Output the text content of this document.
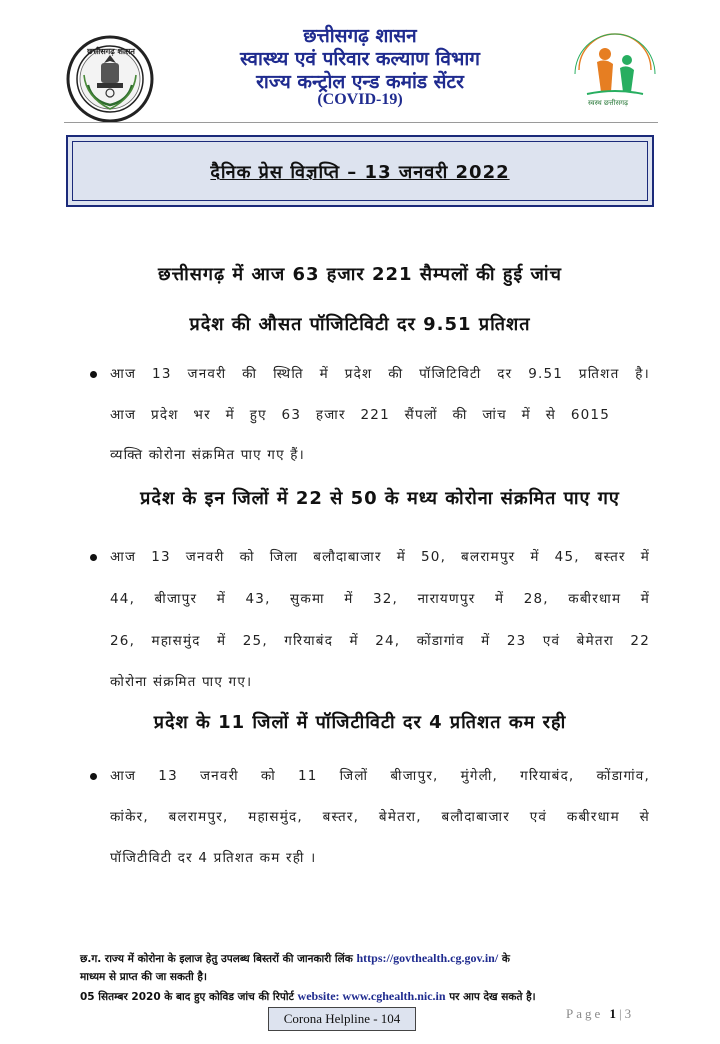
छत्तीसगढ़ शासन
छत्तीसगढ़ शासन
स्वास्थ्य एवं परिवार कल्याण विभाग
राज्य कन्ट्रोल एन्ड कमांड सेंटर
(COVID-19)	स्वस्थ छत्तीसगढ़
दैनिक प्रेस विज्ञप्ति – 13 जनवरी 2022
छत्तीसगढ़ में आज 63 हजार 221 सैम्पलों की हुई जांच
प्रदेश की औसत पॉजिटिविटी दर 9.51 प्रतिशत
आज 13 जनवरी की स्थिति में प्रदेश की पॉजिटिविटी दर 9.51 प्रतिशत है।
आज प्रदेश भर में हुए 63 हजार 221 सैंपलों की जांच में से 6015
व्यक्ति कोरोना संक्रमित पाए गए हैं।
प्रदेश के इन जिलों में 22 से 50 के मध्य कोरोना संक्रमित पाए गए
आज 13 जनवरी को जिला बलौदाबाजार में 50, बलरामपुर में 45, बस्तर में
44, बीजापुर में 43, सुकमा में 32, नारायणपुर में 28, कबीरधाम में
26, महासमुंद में 25, गरियाबंद में 24, कोंडागांव में 23 एवं बेमेतरा 22
कोरोना संक्रमित पाए गए।
प्रदेश के 11 जिलों में पॉजिटीविटी दर 4 प्रतिशत कम रही
आज 13 जनवरी को 11 जिलों बीजापुर, मुंगेली, गरियाबंद, कोंडागांव,
कांकेर, बलरामपुर, महासमुंद, बस्तर, बेमेतरा, बलौदाबाजार एवं कबीरधाम से
पॉजिटीविटी दर 4 प्रतिशत कम रही ।
छ.ग. राज्य में कोरोना के इलाज हेतु उपलब्ध बिस्तरों की जानकारी लिंक https://govthealth.cg.gov.in/ के
माध्यम से प्राप्त की जा सकती है।
05 सितम्बर 2020 के बाद हुए कोविड जांच की रिपोर्ट website: www.cghealth.nic.in पर आप देख सकते है।
Corona Helpline - 104	Page 1|3
